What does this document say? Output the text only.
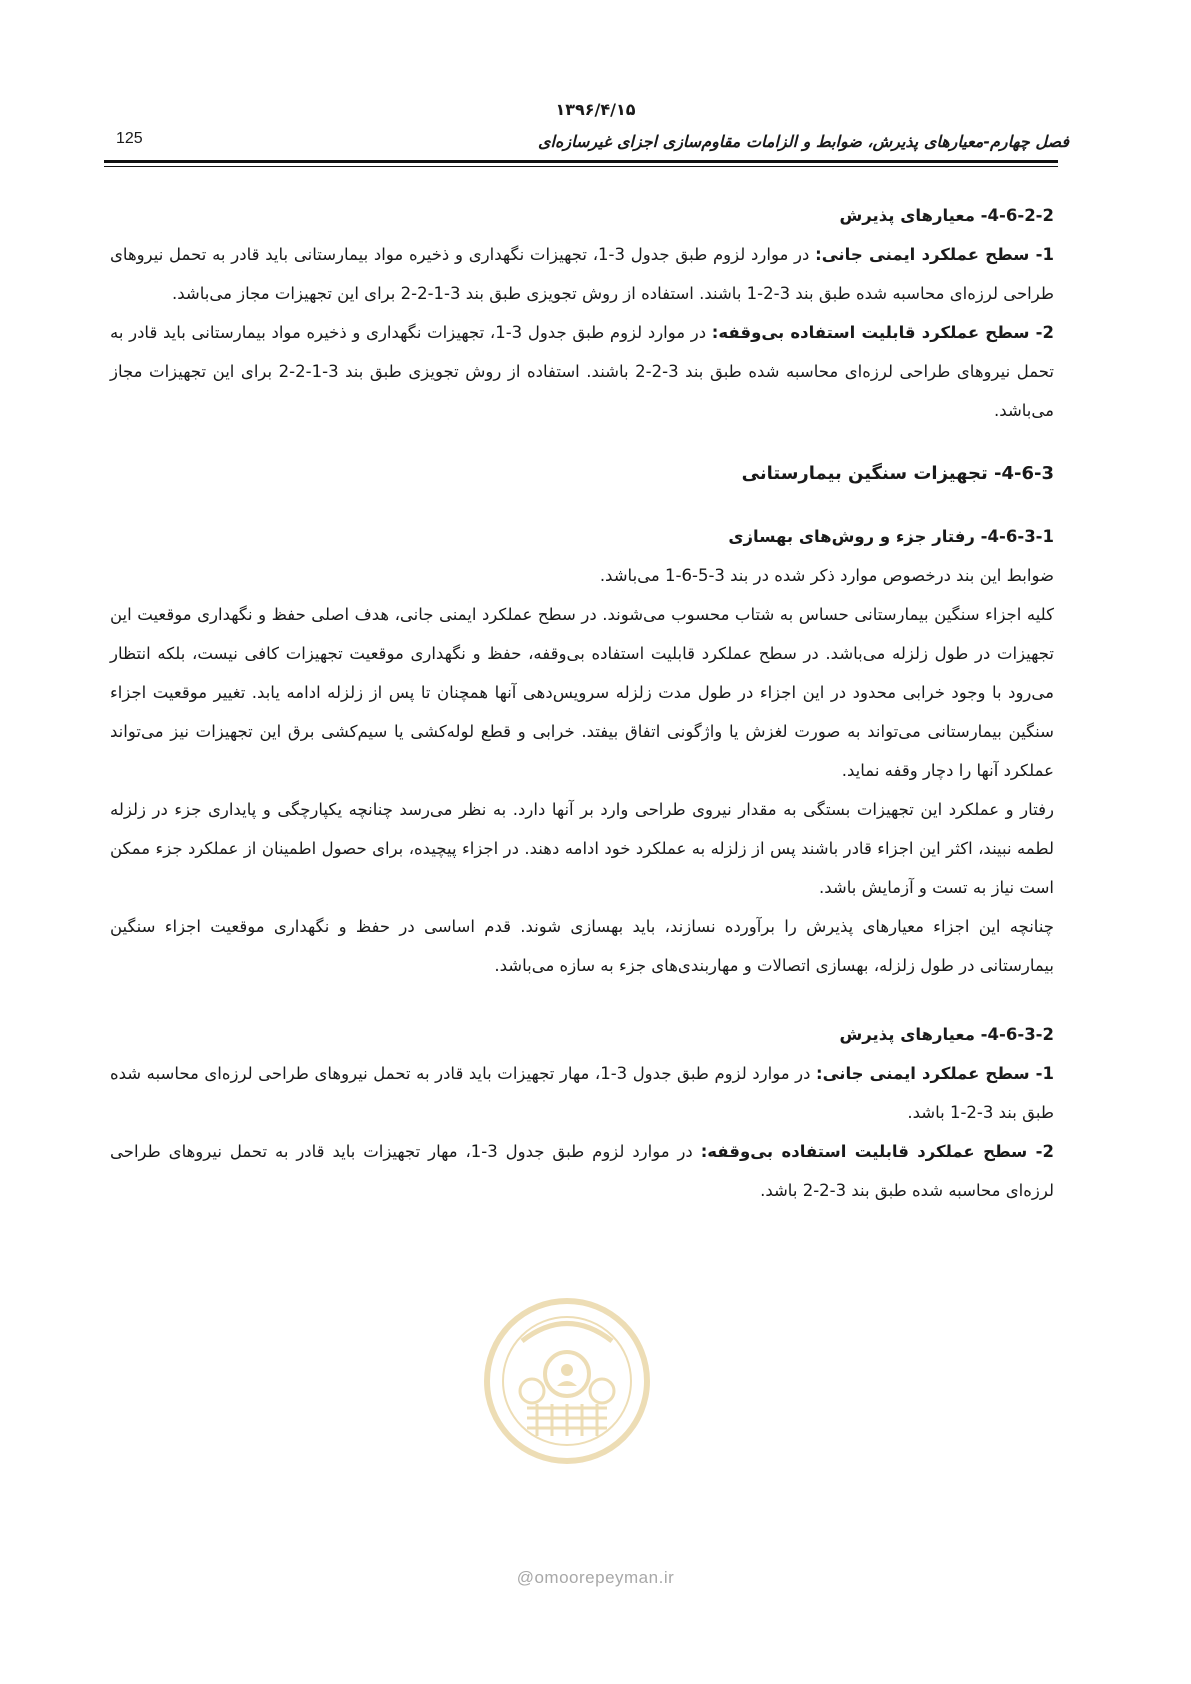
۱۳۹۶/۴/۱۵
125	فصل چهارم-معیارهای پذیرش، ضوابط و الزامات مقاوم‌سازی اجزای غیرسازه‌ای
4-6-2-2- معیارهای پذیرش

1- سطح عملکرد ایمنی جانی: در موارد لزوم طبق جدول 3-1، تجهیزات نگهداری و ذخیره مواد بیمارستانی باید قادر به تحمل نیروهای طراحی لرزه‌ای محاسبه شده طبق بند 3-2-1 باشند. استفاده از روش تجویزی طبق بند 3-1-2-2 برای این تجهیزات مجاز می‌باشد.

2- سطح عملکرد قابلیت استفاده بی‌وقفه: در موارد لزوم طبق جدول 3-1، تجهیزات نگهداری و ذخیره مواد بیمارستانی باید قادر به تحمل نیروهای طراحی لرزه‌ای محاسبه شده طبق بند 3-2-2 باشند. استفاده از روش تجویزی طبق بند 3-1-2-2 برای این تجهیزات مجاز می‌باشد.

4-6-3- تجهیزات سنگین بیمارستانی
4-6-3-1- رفتار جزء و روش‌های بهسازی

ضوابط این بند درخصوص موارد ذکر شده در بند 3-5-6-1 می‌باشد.

کلیه اجزاء سنگین بیمارستانی حساس به شتاب محسوب می‌شوند. در سطح عملکرد ایمنی جانی، هدف اصلی حفظ و نگهداری موقعیت این تجهیزات در طول زلزله می‌باشد. در سطح عملکرد قابلیت استفاده بی‌وقفه، حفظ و نگهداری موقعیت تجهیزات کافی نیست، بلکه انتظار می‌رود با وجود خرابی محدود در این اجزاء در طول مدت زلزله سرویس‌دهی آنها همچنان تا پس از زلزله ادامه یابد. تغییر موقعیت اجزاء سنگین بیمارستانی می‌تواند به صورت لغزش یا واژگونی اتفاق بیفتد. خرابی و قطع لوله‌کشی یا سیم‌کشی برق این تجهیزات نیز می‌تواند عملکرد آنها را دچار وقفه نماید.

رفتار و عملکرد این تجهیزات بستگی به مقدار نیروی طراحی وارد بر آنها دارد. به نظر می‌رسد چنانچه یکپارچگی و پایداری جزء در زلزله لطمه نبیند، اکثر این اجزاء قادر باشند پس از زلزله به عملکرد خود ادامه دهند. در اجزاء پیچیده، برای حصول اطمینان از عملکرد جزء ممکن است نیاز به تست و آزمایش باشد.

چنانچه این اجزاء معیارهای پذیرش را برآورده نسازند، باید بهسازی شوند. قدم اساسی در حفظ و نگهداری موقعیت اجزاء سنگین بیمارستانی در طول زلزله، بهسازی اتصالات و مهاربندی‌های جزء به سازه می‌باشد.

4-6-3-2- معیارهای پذیرش

1- سطح عملکرد ایمنی جانی: در موارد لزوم طبق جدول 3-1، مهار تجهیزات باید قادر به تحمل نیروهای طراحی لرزه‌ای محاسبه شده طبق بند 3-2-1 باشد.

2- سطح عملکرد قابلیت استفاده بی‌وقفه: در موارد لزوم طبق جدول 3-1، مهار تجهیزات باید قادر به تحمل نیروهای طراحی لرزه‌ای محاسبه شده طبق بند 3-2-2 باشد.

@omoorepeyman.ir
